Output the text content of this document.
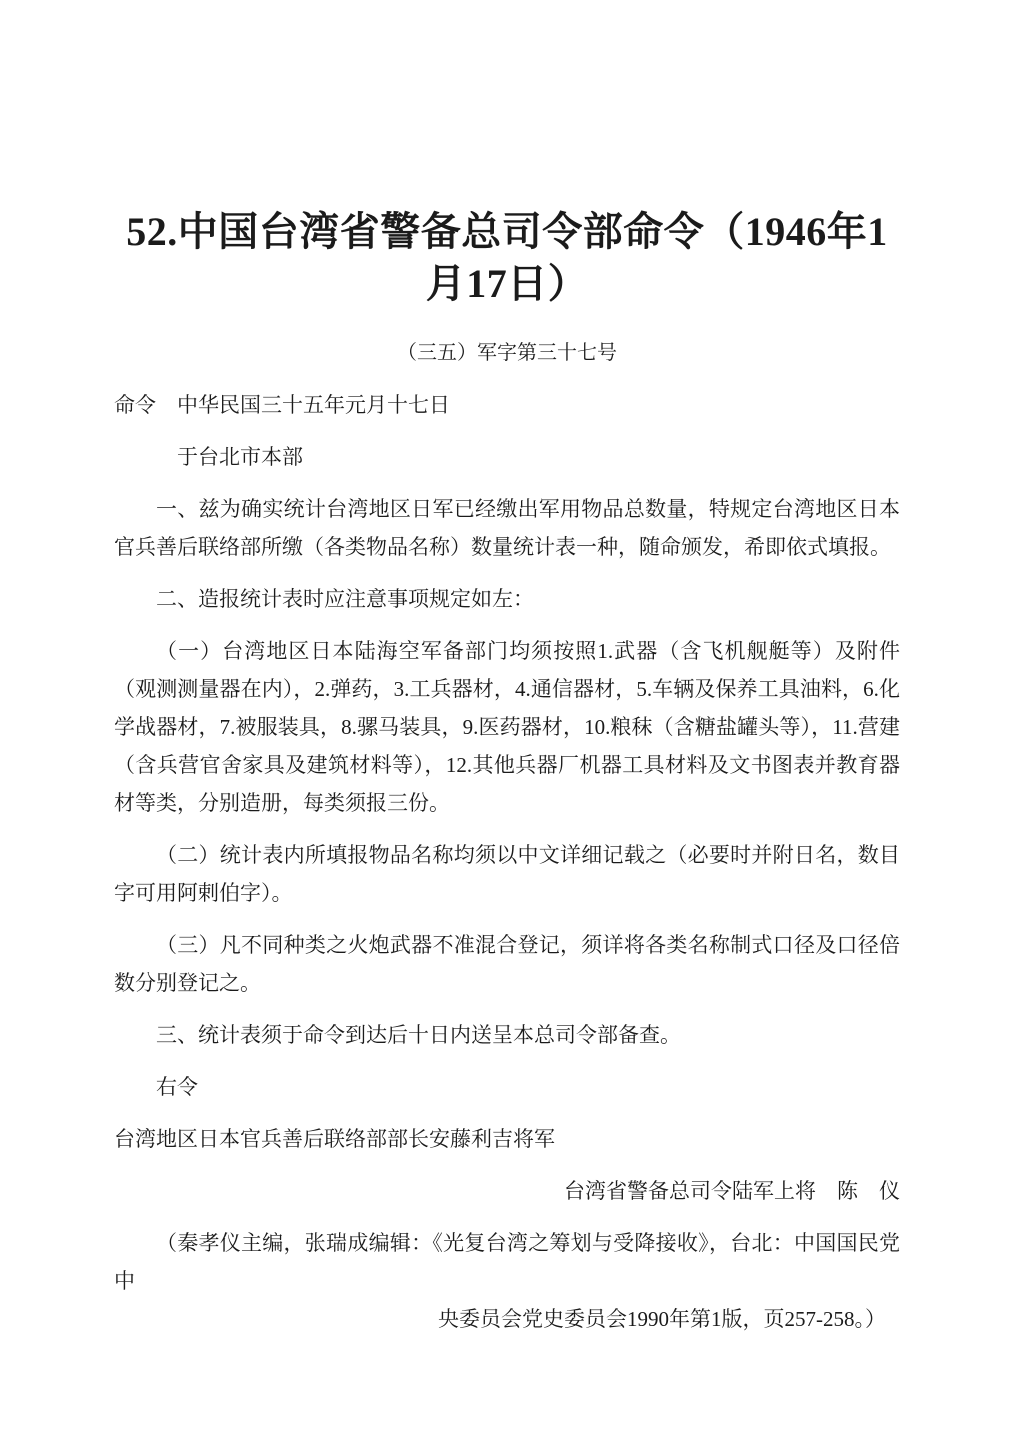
52.中国台湾省警备总司令部命令（1946年1
月17日）
（三五）军字第三十七号

命令　中华民国三十五年元月十七日

于台北市本部

一、兹为确实统计台湾地区日军已经缴出军用物品总数量，特规定台湾地区日本官兵善后联络部所缴（各类物品名称）数量统计表一种，随命颁发，希即依式填报。

二、造报统计表时应注意事项规定如左：

（一）台湾地区日本陆海空军备部门均须按照1.武器（含飞机舰艇等）及附件（观测测量器在内），2.弹药，3.工兵器材，4.通信器材，5.车辆及保养工具油料，6.化学战器材，7.被服装具，8.骡马装具，9.医药器材，10.粮秣（含糖盐罐头等），11.营建（含兵营官舍家具及建筑材料等），12.其他兵器厂机器工具材料及文书图表并教育器材等类，分别造册，每类须报三份。

（二）统计表内所填报物品名称均须以中文详细记载之（必要时并附日名，数目字可用阿剌伯字）。

（三）凡不同种类之火炮武器不准混合登记，须详将各类名称制式口径及口径倍数分别登记之。

三、统计表须于命令到达后十日内送呈本总司令部备查。

右令

台湾地区日本官兵善后联络部部长安藤利吉将军

台湾省警备总司令陆军上将　陈　仪
（秦孝仪主编，张瑞成编辑：《光复台湾之筹划与受降接收》，台北：中国国民党中
央委员会党史委员会1990年第1版，页257-258。）
